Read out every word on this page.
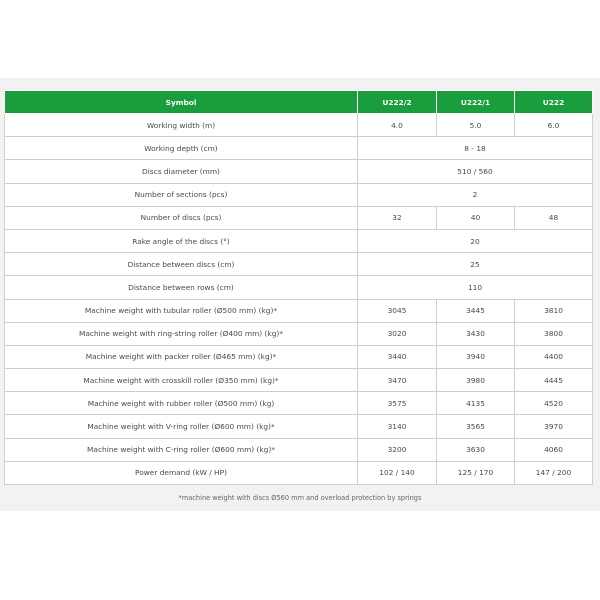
Symbol	U222/2	U222/1	U222
Working width (m)	4.0	5.0	6.0
Working depth (cm)	8 - 18		
Discs diameter (mm)	510 / 560		
Number of sections (pcs)	2		
Number of discs (pcs)	32	40	48
Rake angle of the discs (°)	20		
Distance between discs (cm)	25		
Distance between rows (cm)	110		
Machine weight with tubular roller (Ø500 mm) (kg)*	3045	3445	3810
Machine weight with ring-string roller (Ø400 mm) (kg)*	3020	3430	3800
Machine weight with packer roller (Ø465 mm) (kg)*	3440	3940	4400
Machine weight with crosskill roller (Ø350 mm) (kg)*	3470	3980	4445
Machine weight with rubber roller (Ø500 mm) (kg)	3575	4135	4520
Machine weight with V-ring roller (Ø600 mm) (kg)*	3140	3565	3970
Machine weight with C-ring roller (Ø600 mm) (kg)*	3200	3630	4060
Power demand (kW / HP)	102 / 140	125 / 170	147 / 200
*machine weight with discs Ø560 mm and overload protection by springs
